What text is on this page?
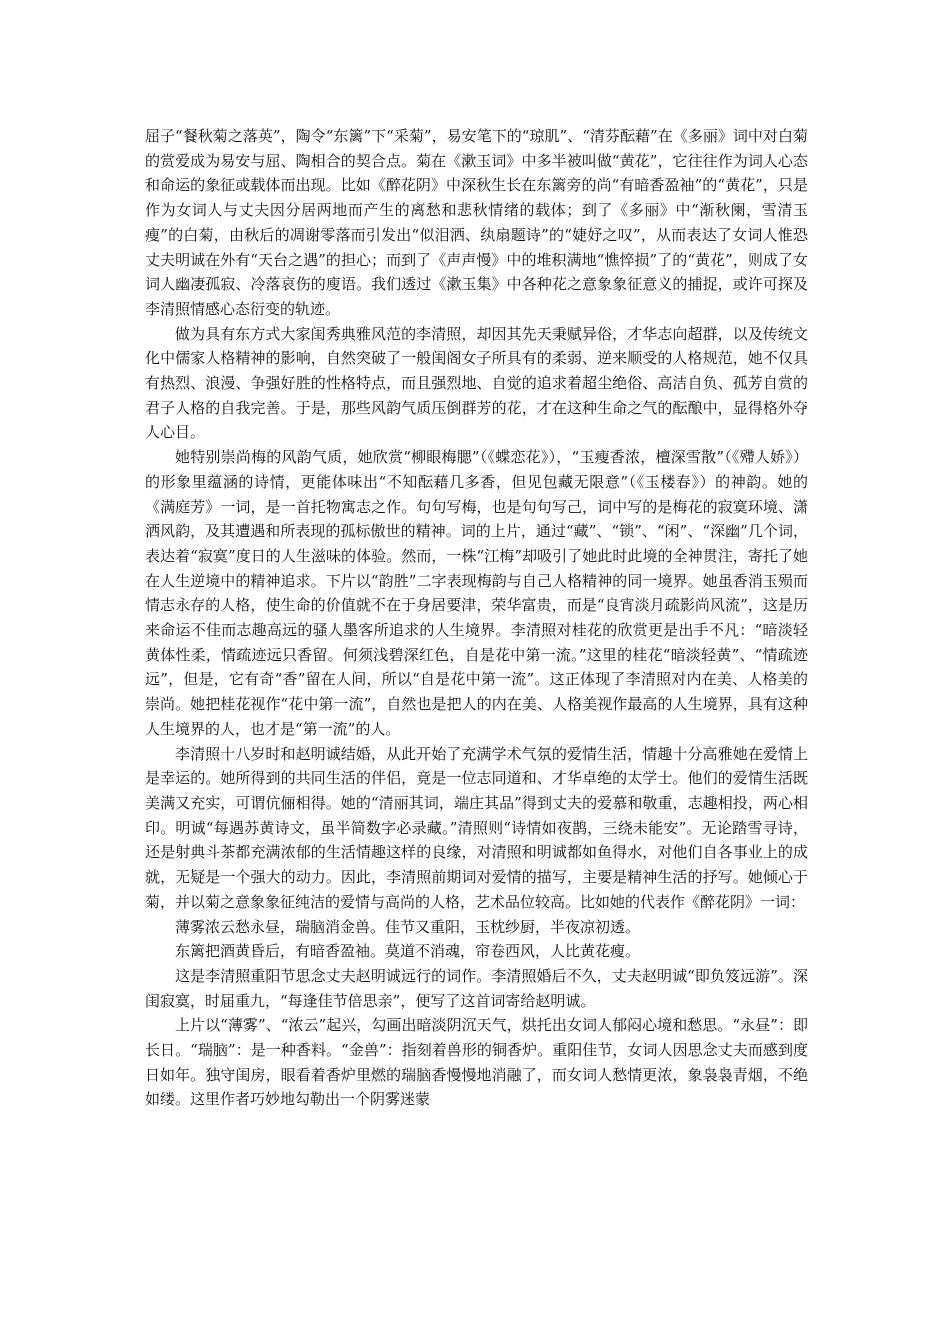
屈子“餐秋菊之落英”，陶令“东篱”下“采菊”，易安笔下的“琼肌”、“清芬酝藉”在《多丽》词中对白菊的赏爱成为易安与屈、陶相合的契合点。菊在《漱玉词》中多半被叫做“黄花”，它往往作为词人心态和命运的象征或载体而出现。比如《醉花阴》中深秋生长在东篱旁的尚“有暗香盈袖”的“黄花”，只是作为女词人与丈夫因分居两地而产生的离愁和悲秋情绪的载体；到了《多丽》中“渐秋阑，雪清玉瘦”的白菊，由秋后的凋谢零落而引发出“似泪洒、纨扇题诗”的“婕妤之叹”，从而表达了女词人惟恐丈夫明诚在外有“天台之遇”的担心；而到了《声声慢》中的堆积满地“憔悴损”了的“黄花”，则成了女词人幽凄孤寂、冷落哀伤的廋语。我们透过《漱玉集》中各种花之意象象征意义的捕捉，或许可探及李清照情感心态衍变的轨迹。

做为具有东方式大家闺秀典雅风范的李清照，却因其先天秉赋异俗，才华志向超群，以及传统文化中儒家人格精神的影响，自然突破了一般闺阁女子所具有的柔弱、逆来顺受的人格规范，她不仅具有热烈、浪漫、争强好胜的性格特点，而且强烈地、自觉的追求着超尘绝俗、高洁自负、孤芳自赏的君子人格的自我完善。于是，那些风韵气质压倒群芳的花，才在这种生命之气的酝酿中，显得格外夺人心目。

她特别崇尚梅的风韵气质，她欣赏“柳眼梅腮”（《蝶恋花》），“玉瘦香浓，檀深雪散”（《殢人娇》）的形象里蕴涵的诗情，更能体味出“不知酝藉几多香，但见包藏无限意”（《玉楼春》）的神韵。她的《满庭芳》一词，是一首托物寓志之作。句句写梅，也是句句写己，词中写的是梅花的寂寞环境、潇洒风韵，及其遭遇和所表现的孤标傲世的精神。词的上片，通过“藏”、“锁”、“闲”、“深幽”几个词，表达着“寂寞”度日的人生滋味的体验。然而，一株“江梅”却吸引了她此时此境的全神贯注，寄托了她在人生逆境中的精神追求。下片以“韵胜”二字表现梅韵与自己人格精神的同一境界。她虽香消玉殒而情志永存的人格，使生命的价值就不在于身居要津，荣华富贵，而是“良宵淡月疏影尚风流”，这是历来命运不佳而志趣高远的骚人墨客所追求的人生境界。李清照对桂花的欣赏更是出手不凡：“暗淡轻黄体性柔，情疏迹远只香留。何须浅碧深红色，自是花中第一流。”这里的桂花“暗淡轻黄”、“情疏迹远”，但是，它有奇“香”留在人间，所以“自是花中第一流”。这正体现了李清照对内在美、人格美的崇尚。她把桂花视作“花中第一流”，自然也是把人的内在美、人格美视作最高的人生境界，具有这种人生境界的人，也才是“第一流”的人。

李清照十八岁时和赵明诚结婚，从此开始了充满学术气氛的爱情生活，情趣十分高雅她在爱情上是幸运的。她所得到的共同生活的伴侣，竟是一位志同道和、才华卓绝的太学士。他们的爱情生活既美满又充实，可谓伉俪相得。她的“清丽其词，端庄其品”得到丈夫的爱慕和敬重，志趣相投，两心相印。明诚“每遇苏黄诗文，虽半简数字必录藏。”清照则“诗情如夜鹊，三绕未能安”。无论踏雪寻诗，还是射典斗茶都充满浓郁的生活情趣这样的良缘，对清照和明诚都如鱼得水，对他们自各事业上的成就，无疑是一个强大的动力。因此，李清照前期词对爱情的描写，主要是精神生活的抒写。她倾心于菊，并以菊之意象象征纯洁的爱情与高尚的人格，艺术品位较高。比如她的代表作《醉花阴》一词：

薄雾浓云愁永昼，瑞脑消金兽。佳节又重阳，玉枕纱厨，半夜凉初透。

东篱把酒黄昏后，有暗香盈袖。莫道不消魂，帘卷西风，人比黄花瘦。

这是李清照重阳节思念丈夫赵明诚远行的词作。李清照婚后不久，丈夫赵明诚“即负笈远游”。深闺寂寞，时届重九，“每逢佳节倍思亲”，便写了这首词寄给赵明诚。

上片以“薄雾”、“浓云”起兴，勾画出暗淡阴沉天气，烘托出女词人郁闷心境和愁思。“永昼”：即长日。“瑞脑”：是一种香料。“金兽”：指刻着兽形的铜香炉。重阳佳节，女词人因思念丈夫而感到度日如年。独守闺房，眼看着香炉里燃的瑞脑香慢慢地消融了，而女词人愁情更浓，象袅袅青烟，不绝如缕。这里作者巧妙地勾勒出一个阴雾迷蒙
